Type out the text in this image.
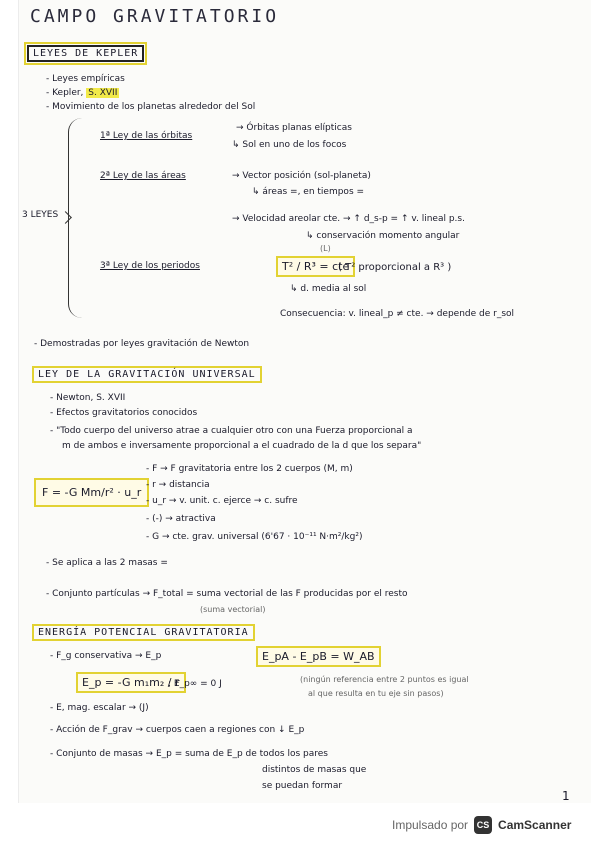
CAMPO GRAVITATORIO
LEYES DE KEPLER
- Leyes empíricas
- Kepler, S. XVII
- Movimiento de los planetas alrededor del Sol
3 LEYES
1ª Ley de las órbitas
→ Órbitas planas elípticas
↳ Sol en uno de los focos
2ª Ley de las áreas	→ Vector posición (sol-planeta)
↳ áreas =, en tiempos =
→ Velocidad areolar cte. → ↑ d_s-p = ↑ v. lineal p.s.
↳ conservación momento angular
(L)
3ª Ley de los periodos	T² / R³ = cte
( T² proporcional a R³ )
↳ d. media al sol
Consecuencia: v. lineal_p ≠ cte. → depende de r_sol
- Demostradas por leyes gravitación de Newton
LEY DE LA GRAVITACIÓN UNIVERSAL
- Newton, S. XVII
- Efectos gravitatorios conocidos
- "Todo cuerpo del universo atrae a cualquier otro con una Fuerza proporcional a
m de ambos e inversamente proporcional a el cuadrado de la d que los separa"
F = -G Mm/r² · u_r
- F → F gravitatoria entre los 2 cuerpos (M, m)
- r → distancia
- u_r → v. unit. c. ejerce → c. sufre
- (-) → atractiva
- G → cte. grav. universal (6'67 · 10⁻¹¹ N·m²/kg²)
- Se aplica a las 2 masas =
- Conjunto partículas → F_total = suma vectorial de las F producidas por el resto
(suma vectorial)
ENERGÍA POTENCIAL GRAVITATORIA
- F_g conservativa → E_p	E_pA - E_pB = W_AB
E_p = -G m₁m₂ / r
; E_p∞ = 0 J	(ningún referencia entre 2 puntos es igual
al que resulta en tu eje sin pasos)
- E, mag. escalar → (J)
- Acción de F_grav → cuerpos caen a regiones con ↓ E_p
- Conjunto de masas → E_p = suma de E_p de todos los pares
distintos de masas que
se puedan formar
1
Impulsado por CS CamScanner
